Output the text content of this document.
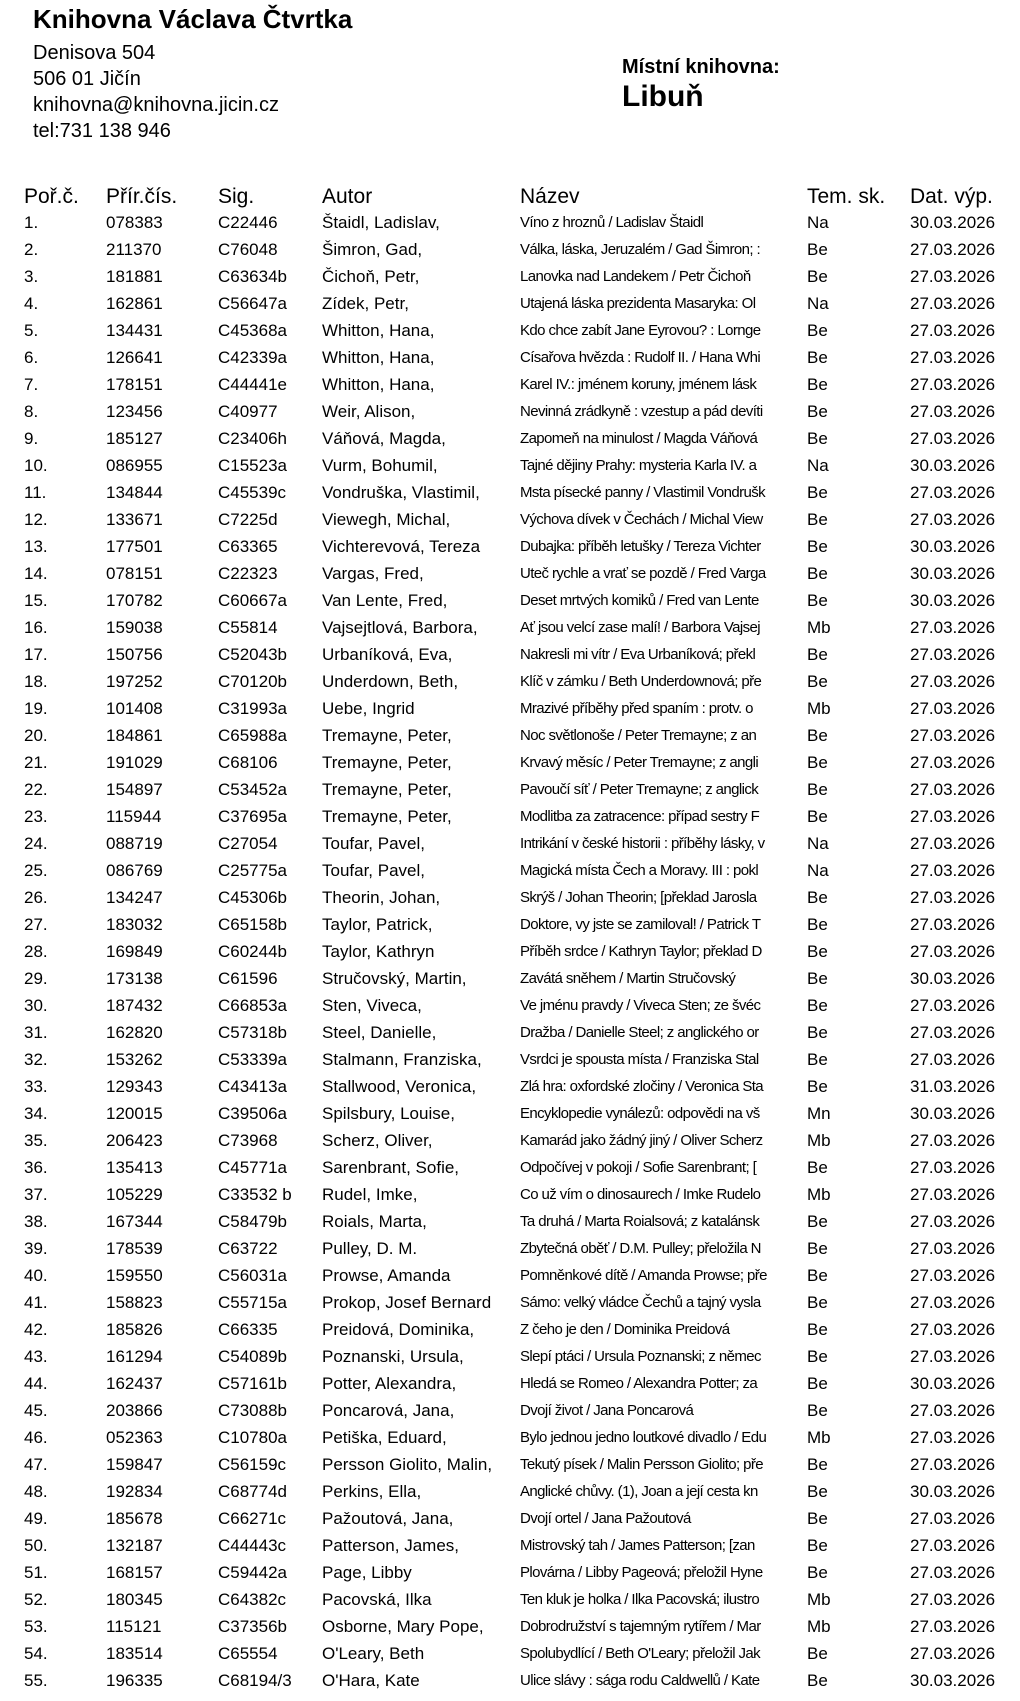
Knihovna Václava Čtvrtka
Denisova 504
506 01 Jičín
knihovna@knihovna.jicin.cz
tel:731 138 946
Místní knihovna:
Libuň
Poř.č.	Přír.čís.	Sig.	Autor	Název	Tem. sk.	Dat. výp.
1.	078383	C22446	Štaidl, Ladislav,	Víno z hroznů / Ladislav Štaidl	Na	30.03.2026
2.	211370	C76048	Šimron, Gad,	Válka, láska, Jeruzalém / Gad Šimron; :	Be	27.03.2026
3.	181881	C63634b	Čichoň, Petr,	Lanovka nad Landekem / Petr Čichoň	Be	27.03.2026
4.	162861	C56647a	Zídek, Petr,	Utajená láska prezidenta Masaryka: Ol	Na	27.03.2026
5.	134431	C45368a	Whitton, Hana,	Kdo chce zabít Jane Eyrovou? : Lornge	Be	27.03.2026
6.	126641	C42339a	Whitton, Hana,	Císařova hvězda : Rudolf II. / Hana Whi	Be	27.03.2026
7.	178151	C44441e	Whitton, Hana,	Karel IV.: jménem koruny, jménem lásk	Be	27.03.2026
8.	123456	C40977	Weir, Alison,	Nevinná zrádkyně : vzestup a pád devíti	Be	27.03.2026
9.	185127	C23406h	Váňová, Magda,	Zapomeň na minulost / Magda Váňová	Be	27.03.2026
10.	086955	C15523a	Vurm, Bohumil,	Tajné dějiny Prahy: mysteria Karla IV. a	Na	30.03.2026
11.	134844	C45539c	Vondruška, Vlastimil,	Msta písecké panny / Vlastimil Vondrušk	Be	27.03.2026
12.	133671	C7225d	Viewegh, Michal,	Výchova dívek v Čechách / Michal View	Be	27.03.2026
13.	177501	C63365	Vichterevová, Tereza	Dubajka: příběh letušky / Tereza Vichter	Be	30.03.2026
14.	078151	C22323	Vargas, Fred,	Uteč rychle a vrať se pozdě / Fred Varga	Be	30.03.2026
15.	170782	C60667a	Van Lente, Fred,	Deset mrtvých komiků / Fred van Lente	Be	30.03.2026
16.	159038	C55814	Vajsejtlová, Barbora,	Ať jsou velcí zase malí! / Barbora Vajsej	Mb	27.03.2026
17.	150756	C52043b	Urbaníková, Eva,	Nakresli mi vítr / Eva Urbaníková; překl	Be	27.03.2026
18.	197252	C70120b	Underdown, Beth,	Klíč v zámku / Beth Underdownová; pře	Be	27.03.2026
19.	101408	C31993a	Uebe, Ingrid	Mrazivé příběhy před spaním : protv. o	Mb	27.03.2026
20.	184861	C65988a	Tremayne, Peter,	Noc světlonoše / Peter Tremayne; z an	Be	27.03.2026
21.	191029	C68106	Tremayne, Peter,	Krvavý měsíc / Peter Tremayne; z angli	Be	27.03.2026
22.	154897	C53452a	Tremayne, Peter,	Pavoučí síť / Peter Tremayne; z anglick	Be	27.03.2026
23.	115944	C37695a	Tremayne, Peter,	Modlitba za zatracence: případ sestry F	Be	27.03.2026
24.	088719	C27054	Toufar, Pavel,	Intrikání v české historii : příběhy lásky, v	Na	27.03.2026
25.	086769	C25775a	Toufar, Pavel,	Magická místa Čech a Moravy. III : pokl	Na	27.03.2026
26.	134247	C45306b	Theorin, Johan,	Skrýš / Johan Theorin; [překlad Jarosla	Be	27.03.2026
27.	183032	C65158b	Taylor, Patrick,	Doktore, vy jste se zamiloval! / Patrick T	Be	27.03.2026
28.	169849	C60244b	Taylor, Kathryn	Příběh srdce / Kathryn Taylor; překlad D	Be	27.03.2026
29.	173138	C61596	Stručovský, Martin,	Zavátá sněhem / Martin Stručovský	Be	30.03.2026
30.	187432	C66853a	Sten, Viveca,	Ve jménu pravdy / Viveca Sten; ze švéc	Be	27.03.2026
31.	162820	C57318b	Steel, Danielle,	Dražba / Danielle Steel; z anglického or	Be	27.03.2026
32.	153262	C53339a	Stalmann, Franziska,	Vsrdci je spousta místa / Franziska Stal	Be	27.03.2026
33.	129343	C43413a	Stallwood, Veronica,	Zlá hra: oxfordské zločiny / Veronica Sta	Be	31.03.2026
34.	120015	C39506a	Spilsbury, Louise,	Encyklopedie vynálezů: odpovědi na vš	Mn	30.03.2026
35.	206423	C73968	Scherz, Oliver,	Kamarád jako žádný jiný / Oliver Scherz	Mb	27.03.2026
36.	135413	C45771a	Sarenbrant, Sofie,	Odpočívej v pokoji / Sofie Sarenbrant; [	Be	27.03.2026
37.	105229	C33532 b	Rudel, Imke,	Co už vím o dinosaurech / Imke Rudelo	Mb	27.03.2026
38.	167344	C58479b	Roials, Marta,	Ta druhá / Marta Roialsová; z katalánsk	Be	27.03.2026
39.	178539	C63722	Pulley, D. M.	Zbytečná oběť / D.M. Pulley; přeložila N	Be	27.03.2026
40.	159550	C56031a	Prowse, Amanda	Pomněnkové dítě / Amanda Prowse; pře	Be	27.03.2026
41.	158823	C55715a	Prokop, Josef Bernard	Sámo: velký vládce Čechů a tajný vysla	Be	27.03.2026
42.	185826	C66335	Preidová, Dominika,	Z čeho je den / Dominika Preidová	Be	27.03.2026
43.	161294	C54089b	Poznanski, Ursula,	Slepí ptáci / Ursula Poznanski; z němec	Be	27.03.2026
44.	162437	C57161b	Potter, Alexandra,	Hledá se Romeo / Alexandra Potter; za	Be	30.03.2026
45.	203866	C73088b	Poncarová, Jana,	Dvojí život / Jana Poncarová	Be	27.03.2026
46.	052363	C10780a	Petiška, Eduard,	Bylo jednou jedno loutkové divadlo / Edu	Mb	27.03.2026
47.	159847	C56159c	Persson Giolito, Malin,	Tekutý písek / Malin Persson Giolito; pře	Be	27.03.2026
48.	192834	C68774d	Perkins, Ella,	Anglické chůvy. (1), Joan a její cesta kn	Be	30.03.2026
49.	185678	C66271c	Pažoutová, Jana,	Dvojí ortel / Jana Pažoutová	Be	27.03.2026
50.	132187	C44443c	Patterson, James,	Mistrovský tah / James Patterson; [zan	Be	27.03.2026
51.	168157	C59442a	Page, Libby	Plovárna / Libby Pageová; přeložil Hyne	Be	27.03.2026
52.	180345	C64382c	Pacovská, Ilka	Ten kluk je holka / Ilka Pacovská; ilustro	Mb	27.03.2026
53.	115121	C37356b	Osborne, Mary Pope,	Dobrodružství s tajemným rytířem / Mar	Mb	27.03.2026
54.	183514	C65554	O'Leary, Beth	Spolubydlící / Beth O'Leary; přeložil Jak	Be	27.03.2026
55.	196335	C68194/3	O'Hara, Kate	Ulice slávy : sága rodu Caldwellů / Kate	Be	30.03.2026
